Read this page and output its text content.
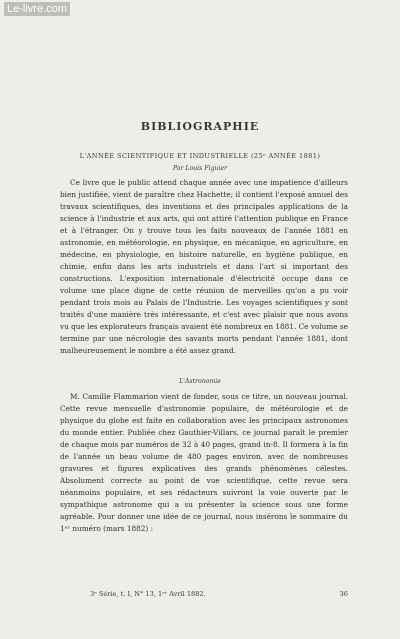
Le-livre.com
BIBLIOGRAPHIE
L'ANNÉE SCIENTIFIQUE ET INDUSTRIELLE (25ᵉ ANNÉE 1881)
Par Louis Figuier
Ce livre que le public attend chaque année avec une impatience d'ailleurs bien justifiée, vient de paraître chez Hachette; il contient l'exposé annuel des travaux scientifiques, des inventions et des principales applications de la science à l'industrie et aux arts, qui ont attiré l'attention publique en France et à l'étranger. On y trouve tous les faits nouveaux de l'année 1881 en astronomie, en météorologie, en physique, en mécanique, en agriculture, en médecine, en physiologie, en histoire naturelle, en hygiène publique, en chimie, enfin dans les arts industriels et dans l'art si important des constructions. L'exposition internationale d'électricité occupe dans ce volume une place digne de cette réunion de merveilles qu'on a pu voir pendant trois mois au Palais de l'Industrie. Les voyages scientifiques y sont traités d'une manière très intéressante, et c'est avec plaisir que nous avons vu que les explorateurs français avaient été nombreux en 1881. Ce volume se termine par une nécrologie des savants morts pendant l'année 1881, dont malheureusement le nombre a été assez grand.
L'Astronomie
M. Camille Flammarion vient de fonder, sous ce titre, un nouveau journal. Cette revue mensuelle d'astronomie populaire, de météorologie et de physique du globe est faite en collaboration avec les principaux astronomes du monde entier. Publiée chez Gauthier-Villars, ce journal paraît le premier de chaque mois par numéros de 32 à 40 pages, grand in-8. Il formera à la fin de l'année un beau volume de 480 pages environ, avec de nombreuses gravures et figures explicatives des grands phénomènes célestes. Absolument correcte au point de vue scientifique, cette revue sera néanmoins populaire, et ses rédacteurs suivront la voie ouverte par le sympathique astronome qui a su présenter la science sous une forme agréable. Pour donner une idée de ce journal, nous insérons le sommaire du 1ᵉʳ numéro (mars 1882) :
3ᵉ Série, t. I, N° 13, 1ᵉʳ Avril 1882.	36
